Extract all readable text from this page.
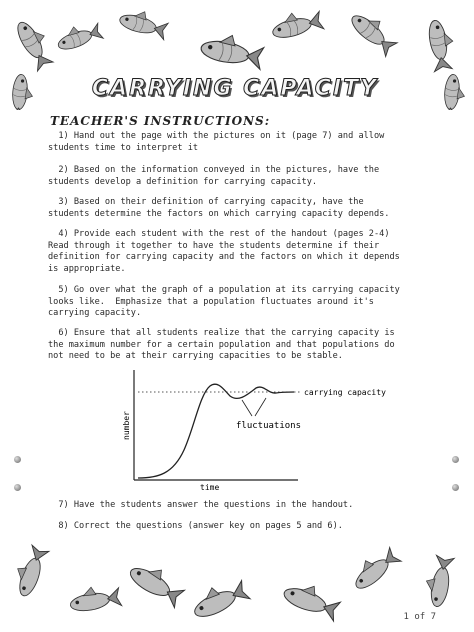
CARRYING CAPACITY
TEACHER'S INSTRUCTIONS:
1) Hand out the page with the pictures on it (page 7) and allow
students time to interpret it
2) Based on the information conveyed in the pictures, have the
students develop a definition for carrying capacity.
3) Based on their definition of carrying capacity, have the
students determine the factors on which carrying capacity depends.
4) Provide each student with the rest of the handout (pages 2-4)
Read through it together to have the students determine if their
definition for carrying capacity and the factors on which it depends
is appropriate.
5) Go over what the graph of a population at its carrying capacity
looks like.  Emphasize that a population fluctuates around it's
carrying capacity.
6) Ensure that all students realize that the carrying capacity is
the maximum number for a certain population and that populations do
not need to be at their carrying capacities to be stable.
number
time
carrying capacity
fluctuations
7) Have the students answer the questions in the handout.
8) Correct the questions (answer key on pages 5 and 6).
1 of 7
